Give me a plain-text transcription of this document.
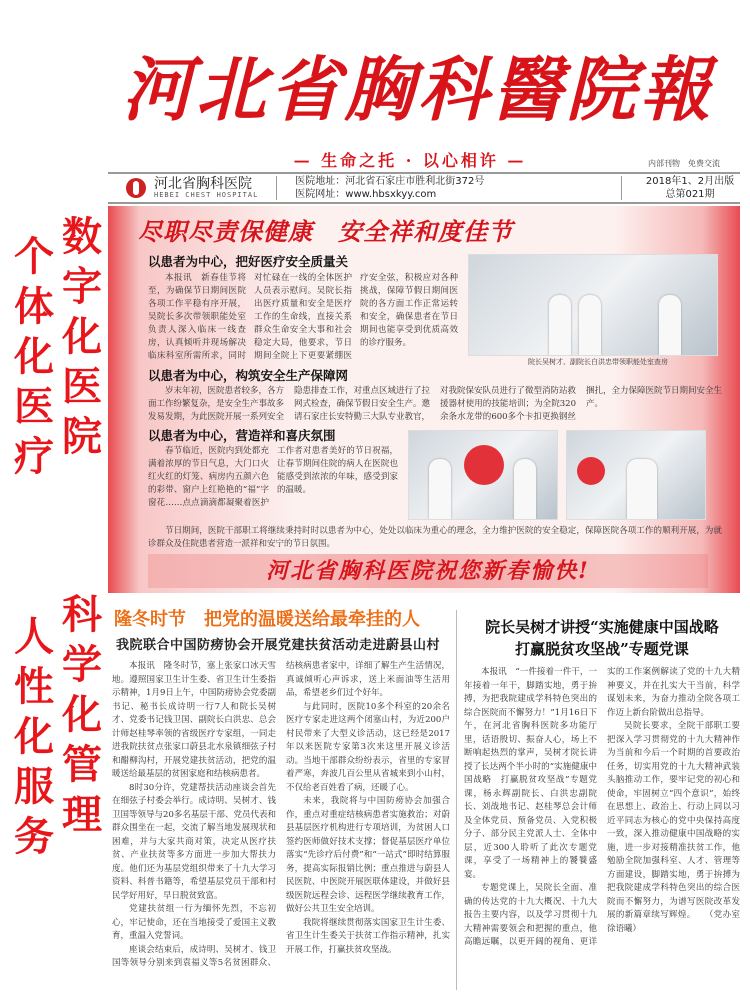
个体化医疗
数字化医院
人性化服务
科学化管理
河北省胸科醫院報
— 生命之托 · 以心相许 —	内部刊物　免费交流
河北省胸科医院
HEBEI CHEST HOSPITAL
医院地址：河北省石家庄市胜利北街372号
医院网址：www.hbsxkyy.com
2018年1、2月出版
总第021期
尽职尽责保健康　安全祥和度佳节
以患者为中心，把好医疗安全质量关

本报讯　新春佳节将至，为确保节日期间医院各项工作平稳有序开展，吴院长多次带领职能处室负责人深入临床一线查房，认真倾听并现场解决临床科室所需所求，同时对忙碌在一线的全体医护人员表示慰问。吴院长指出医疗质量和安全是医疗工作的生命线，直接关系群众生命安全大事和社会稳定大局，他要求，节日期间全院上下更要紧绷医疗安全弦，积极应对各种挑战，保障节假日期间医院的各方面工作正常运转和安全，确保患者在节日期间也能享受到优质高效的诊疗服务。

院长吴树才、副院长白洪忠带领职能处室查房
以患者为中心，构筑安全生产保障网

岁末年初，医院患者较多，各方面工作纷繁复杂，是安全生产事故多发易发期，为此医院开展一系列安全隐患排查工作，对重点区域进行了拉网式检查，确保节假日安全生产。邀请石家庄长安特勤三大队专业教官，对我院保安队员进行了微型消防站救援器材使用的技能培训；为全院320余条水龙带的600多个卡扣更换钢丝捆扎，全力保障医院节日期间安全生产。

以患者为中心，营造祥和喜庆氛围

春节临近，医院内到处都充满着浓厚的节日气息，大门口火红火红的灯笼、病房内五颜六色的彩带、窗户上红艳艳的“福”字窗花……点点滴滴都凝聚着医护工作者对患者美好的节日祝福，让春节期间住院的病人在医院也能感受到浓浓的年味，感受到家的温暖。

节日期间，医院干部职工将继续秉持时时以患者为中心，处处以临床为重心的理念，全力维护医院的安全稳定，保障医院各项工作的顺利开展，为就诊群众及住院患者营造一派祥和安宁的节日氛围。

河北省胸科医院祝您新春愉快!
隆冬时节　把党的温暖送给最牵挂的人
我院联合中国防痨协会开展党建扶贫活动走进蔚县山村

本报讯　隆冬时节，塞上张家口冰天雪地。遵照国家卫生计生委、省卫生计生委指示精神，1月9日上午，中国防痨协会党委副书记、秘书长成诗明一行7人和院长吴树才、党委书记钱卫国、副院长白洪忠、总会计师赵桂琴率领的省级医疗专家组，一同走进我院扶贫点张家口蔚县北水泉镇细弦子村和醋柳沟村，开展党建扶贫活动，把党的温暖送给最基层的贫困家庭和结核病患者。

8时30分许，党建帮扶活动座谈会首先在细弦子村委会举行。成诗明、吴树才、钱卫国等领导与20多名基层干部、党员代表和群众围坐在一起，交流了解当地发展现状和困难，并与大家共商对策，决定从医疗扶贫、产业扶贫等多方面进一步加大帮扶力度。他们还为基层党组织带来了十九大学习资料、科普书籍等，希望基层党员干部和村民学好用好，早日脱贫致富。

党建扶贫组一行为缅怀先烈，不忘初心，牢记使命，还在当地接受了爱国主义教育，重温入党誓词。

座谈会结束后，成诗明、吴树才、钱卫国等领导分别来到袁福义等5名贫困群众、结核病患者家中，详细了解生产生活情况，真诚倾听心声诉求，送上米面油等生活用品，希望老乡们过个好年。

与此同时，医院10多个科室的20余名医疗专家走进这两个闭塞山村，为近200户村民带来了大型义诊活动，这已经是2017年以来医院专家第3次来这里开展义诊活动。当地干部群众纷纷表示，省里的专家冒着严寒，奔波几百公里从省城来到小山村，不仅给老百姓看了病，还暖了心。

未来，我院将与中国防痨协会加强合作，重点对重症结核病患者实施救治；对蔚县基层医疗机构进行专项培训，为贫困人口签约医师做好技术支撑；督促基层医疗单位落实“先诊疗后付费”和“一站式”即时结算服务，提高实际报销比例；重点推进与蔚县人民医院、中医院开展医联体建设，并做好县级医院远程会诊、远程医学继续教育工作，做好公共卫生安全培训。

我院将继续贯彻落实国家卫生计生委、省卫生计生委关于扶贫工作指示精神，扎实开展工作，打赢扶贫攻坚战。

院长吴树才讲授“实施健康中国战略
打赢脱贫攻坚战”专题党课

本报讯　“一件接着一件干，一年接着一年干，脚踏实地，勇于拚搏，为把我院建成学科特色突出的综合医院而不懈努力！”1月16日下午，在河北省胸科医院多功能厅里，话语殷切、振奋人心，场上不断响起热烈的掌声，吴树才院长讲授了长达两个半小时的“实施健康中国战略　打赢脱贫攻坚战”专题党课，杨永辉副院长、白洪忠副院长、刘战地书记、赵桂琴总会计师及全体党员、预备党员、入党积极分子、部分民主党派人士、全体中层，近300人聆听了此次专题党课，享受了一场精神上的饕餮盛宴。

专题党课上，吴院长全面、准确的传达党的十九大概况、十九大报告主要内容，以及学习贯彻十九大精神需要领会和把握的重点，他高瞻远瞩，以更开阔的视角、更详实的工作案例解读了党的十九大精神要义，并在扎实大干当前，科学谋划未来，为奋力推动全院各项工作迈上新台阶做出总指导。

吴院长要求，全院干部职工要把深入学习贯彻党的十九大精神作为当前和今后一个时期的首要政治任务，切实用党的十九大精神武装头脑推动工作，要牢记党的初心和使命，牢固树立“四个意识”，始终在思想上、政治上、行动上同以习近平同志为核心的党中央保持高度一致，深入推动健康中国战略的实施，进一步对接精准扶贫工作，他勉励全院加强科室、人才、管理等方面建设，脚踏实地，勇于拚搏为把我院建成学科特色突出的综合医院而不懈努力，为谱写医院改革发展的新篇章续写辉煌。　　（党办室　徐语曦）
